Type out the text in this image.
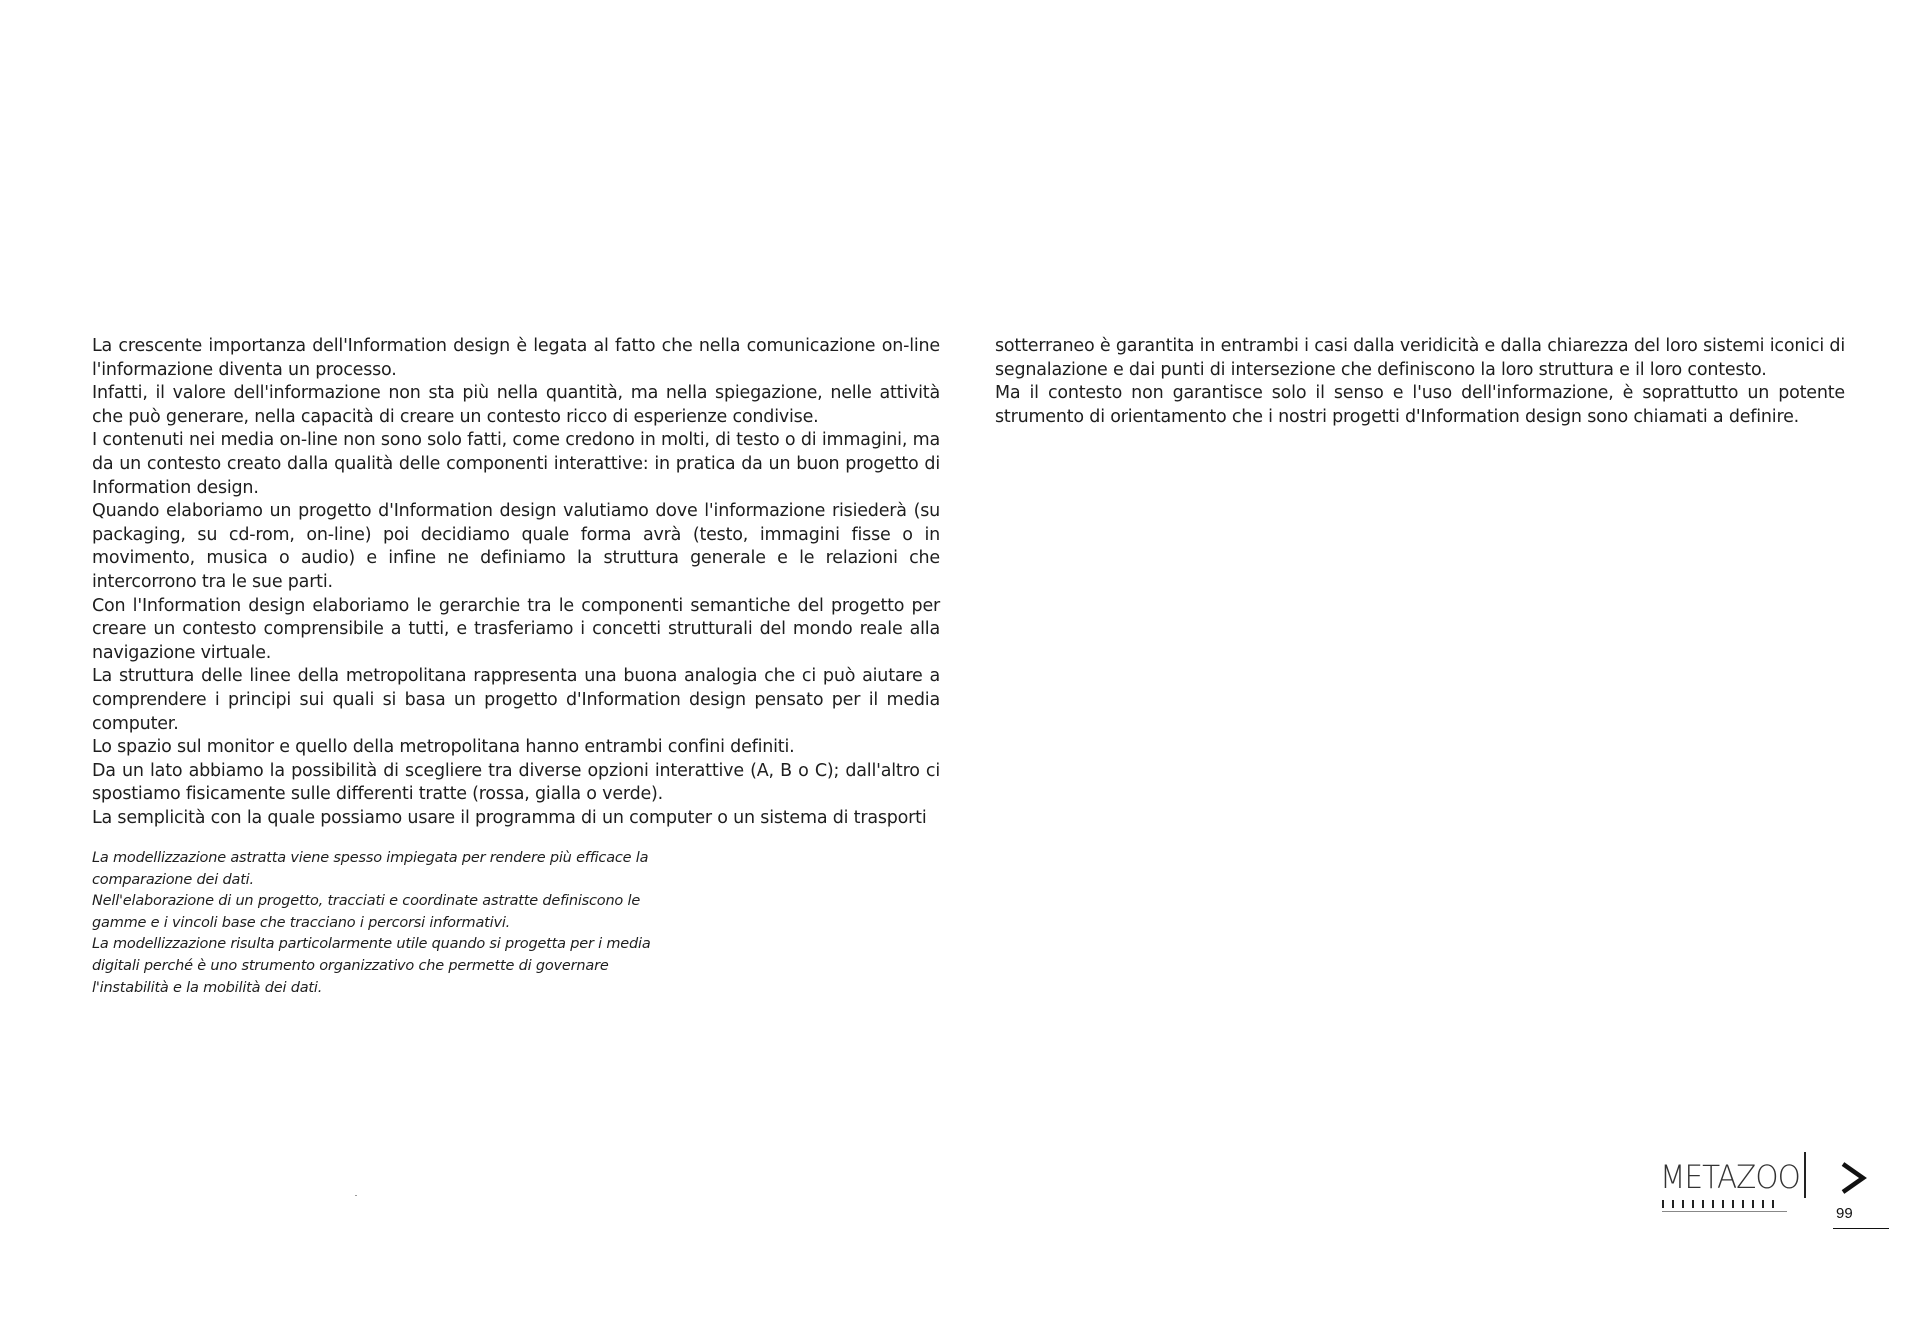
La crescente importanza dell'Information design è legata al fatto che nella comunicazione on-line l'informazione diventa un processo.

Infatti, il valore dell'informazione non sta più nella quantità, ma nella spiegazione, nelle attività che può generare, nella capacità di creare un contesto ricco di esperienze condivise.

I contenuti nei media on-line non sono solo fatti, come credono in molti, di testo o di immagini, ma da un contesto creato dalla qualità delle componenti interattive: in pratica da un buon progetto di Information design.

Quando elaboriamo un progetto d'Information design valutiamo dove l'informazione risiederà (su packaging, su cd-rom, on-line) poi decidiamo quale forma avrà (testo, immagini fisse o in movimento, musica o audio) e infine ne definiamo la struttura generale e le relazioni che intercorrono tra le sue parti.

Con l'Information design elaboriamo le gerarchie tra le componenti semantiche del progetto per creare un contesto comprensibile a tutti, e trasferiamo i concetti strutturali del mondo reale alla navigazione virtuale.

La struttura delle linee della metropolitana rappresenta una buona analogia che ci può aiutare a comprendere i principi sui quali si basa un progetto d'Information design pensato per il media computer.

Lo spazio sul monitor e quello della metropolitana hanno entrambi confini definiti.

Da un lato abbiamo la possibilità di scegliere tra diverse opzioni interattive (A, B o C); dall'altro ci spostiamo fisicamente sulle differenti tratte (rossa, gialla o verde).

La semplicità con la quale possiamo usare il programma di un computer o un sistema di trasporti

sotterraneo è garantita in entrambi i casi dalla veridicità e dalla chiarezza del loro sistemi iconici di segnalazione e dai punti di intersezione che definiscono la loro struttura e il loro contesto.

Ma il contesto non garantisce solo il senso e l'uso dell'informazione, è soprattutto un potente strumento di orientamento che i nostri progetti d'Information design sono chiamati a definire.

La modellizzazione astratta viene spesso impiegata per rendere più efficace la comparazione dei dati.

Nell'elaborazione di un progetto, tracciati e coordinate astratte definiscono le gamme e i vincoli base che tracciano i percorsi informativi.

La modellizzazione risulta particolarmente utile quando si progetta per i media digitali perché è uno strumento organizzativo che permette di governare l'instabilità e la mobilità dei dati.

METAZOO
99
